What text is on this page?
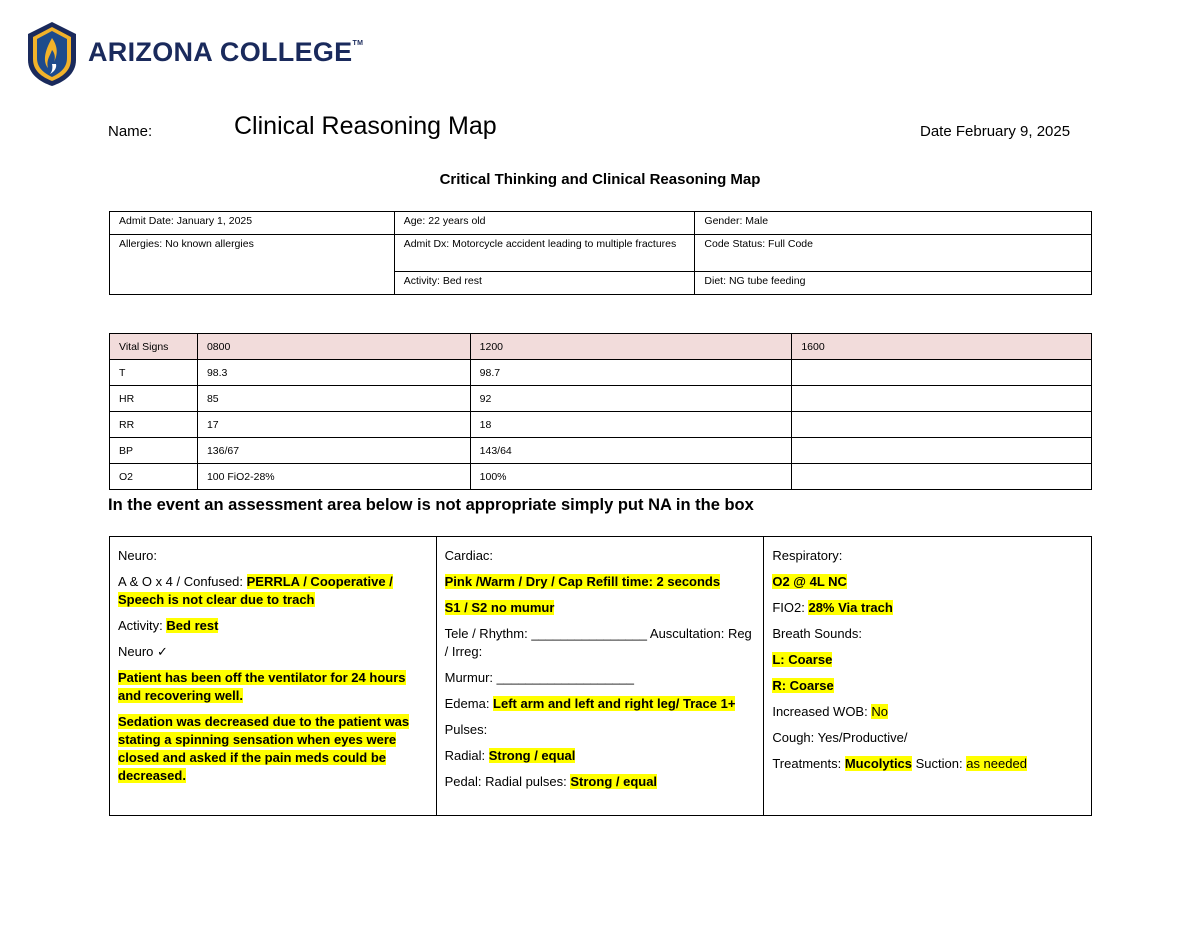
ARIZONA COLLEGE™
Name:	Clinical Reasoning Map	Date February 9, 2025
Critical Thinking and Clinical Reasoning Map
Admit Date: January 1, 2025	Age: 22 years old	Gender: Male
Allergies: No known allergies	Admit Dx: Motorcycle accident leading to multiple fractures	Code Status: Full Code
	Activity: Bed rest	Diet: NG tube feeding
Vital Signs	0800	1200	1600
T	98.3	98.7	
HR	85	92	
RR	17	18	
BP	136/67	143/64	
O2	100 FiO2-28%	100%	
In the event an assessment area below is not appropriate simply put NA in the box

Neuro:

A & O x 4 / Confused: PERRLA / Cooperative / Speech is not clear due to trach

Activity: Bed rest

Neuro ✓

Patient has been off the ventilator for 24 hours and recovering well.

Sedation was decreased due to the patient was stating a spinning sensation when eyes were closed and asked if the pain meds could be decreased.

Cardiac:

Pink /Warm / Dry / Cap Refill time: 2 seconds

S1 / S2 no mumur

Tele / Rhythm: ________________ Auscultation: Reg / Irreg:

Murmur: ___________________

Edema: Left arm and left and right leg/ Trace 1+

Pulses:

Radial: Strong / equal

Pedal: Radial pulses: Strong / equal

Respiratory:

O2 @ 4L NC

FIO2: 28% Via trach

Breath Sounds:

L: Coarse

R: Coarse

Increased WOB: No

Cough: Yes/Productive/

Treatments: Mucolytics Suction: as needed
